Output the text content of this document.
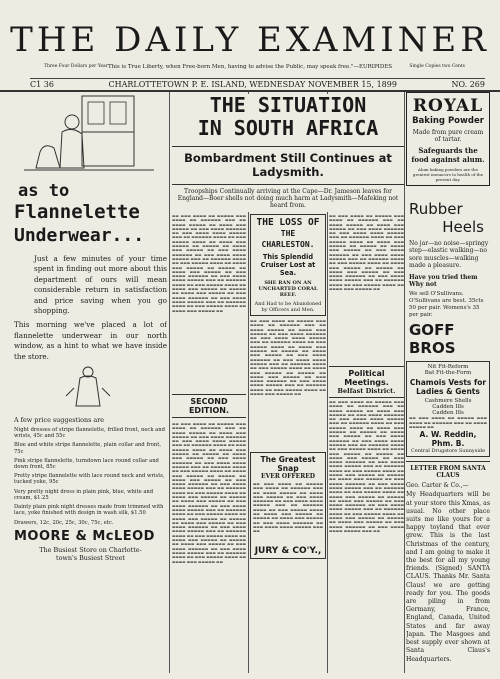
THE DAILY EXAMINER
Three Four Dollars per Year This is True Liberty, when Free-born Men, having to advise the Public, may speak free."—EURIPIDES	Single Copies two Cents
C1 36	CHARLOTTETOWN P. E. ISLAND, WEDNESDAY NOVEMBER 15, 1899	NO. 269
as to
Flannelette
Underwear...
Just a few minutes of your time spent in finding out more about this department of ours will mean considerable return in satisfaction and price saving when you go shopping.
This morning we've placed a lot of flannelette underwear in our north window, as a hint to what we have inside the store.
A few price suggestions are
Night dresses of stripe flannelette, frilled front, neck and wrists, 45c and 55c
Blue and white stripe flannelette, plain collar and front, 75c
Pink stripe flannelette, turndown lace round collar and down front, 85c
Pretty stripe flannelette with lace round neck and wrists, tucked yoke, 95c
Very pretty night dress in plain pink, blue, white and cream, $1.25
Dainty plain pink night dresses made from trimmed with lace, yoke finished with design in wash silk, $1.50
Drawers, 12c, 20c, 25c, 30c, 75c, etc.
MOORE & McLEOD
The Busiest Store on Charlotte-
town's Busiest Street
THE SITUATION
IN SOUTH AFRICA
Bombardment Still Continues at Ladysmith.
Troopships Continually arriving at the Cape—Dr. Jameson leaves for England—Boer shells not doing much harm at Ladysmith—Mafeking not heard from.
▬▬ ▬▬▬ ▬▬▬▬ ▬▬ ▬▬▬▬▬ ▬▬▬ ▬▬▬▬ ▬▬ ▬▬▬▬▬▬ ▬▬▬ ▬▬ ▬▬▬▬ ▬▬▬▬▬ ▬▬ ▬▬▬▬ ▬▬▬ ▬▬▬▬▬ ▬▬ ▬▬▬ ▬▬▬▬ ▬▬▬▬▬▬ ▬▬ ▬▬▬ ▬▬▬▬ ▬▬▬▬ ▬▬▬▬▬ ▬▬▬ ▬▬ ▬▬▬▬▬▬ ▬▬▬▬ ▬▬ ▬▬▬ ▬▬▬▬▬ ▬▬▬▬ ▬▬ ▬▬▬▬ ▬▬▬ ▬▬▬▬▬ ▬▬ ▬▬▬▬▬ ▬▬ ▬▬▬▬ ▬▬▬ ▬▬▬▬▬ ▬▬ ▬▬▬ ▬▬▬▬ ▬▬▬▬▬▬ ▬▬ ▬▬▬ ▬▬▬▬ ▬▬▬▬ ▬▬▬▬▬ ▬▬▬ ▬▬ ▬▬▬▬▬▬ ▬▬▬▬ ▬▬ ▬▬▬ ▬▬▬▬▬ ▬▬▬▬ ▬▬ ▬▬▬▬ ▬▬▬ ▬▬▬▬▬ ▬▬ ▬▬▬▬▬ ▬▬ ▬▬▬▬ ▬▬▬ ▬▬▬▬▬ ▬▬ ▬▬▬ ▬▬▬▬ ▬▬▬▬▬▬ ▬▬ ▬▬▬ ▬▬▬▬ ▬▬▬▬ ▬▬▬▬▬ ▬▬▬ ▬▬ ▬▬▬▬▬▬ ▬▬▬▬ ▬▬ ▬▬▬ ▬▬▬▬▬ ▬▬▬▬ ▬▬ ▬▬▬▬ ▬▬▬ ▬▬▬▬▬ ▬▬ ▬▬▬▬▬ ▬▬ ▬▬▬▬ ▬▬▬ ▬▬▬▬▬ ▬▬ ▬▬▬ ▬▬▬▬ ▬▬▬▬▬▬ ▬▬ ▬▬▬ ▬▬▬▬ ▬▬▬▬ ▬▬▬▬▬ ▬▬▬ ▬▬ ▬▬▬▬▬▬ ▬▬▬▬ ▬▬ ▬▬▬ ▬▬▬▬▬ ▬▬▬▬ ▬▬ ▬▬▬▬ ▬▬▬ ▬▬▬▬▬ ▬▬
SECOND EDITION.
▬▬ ▬▬▬ ▬▬▬▬ ▬▬ ▬▬▬▬▬ ▬▬▬ ▬▬▬▬ ▬▬ ▬▬▬▬▬▬ ▬▬▬ ▬▬ ▬▬▬▬ ▬▬▬▬▬ ▬▬ ▬▬▬▬ ▬▬▬ ▬▬▬▬▬ ▬▬ ▬▬▬ ▬▬▬▬ ▬▬▬▬▬▬ ▬▬ ▬▬▬ ▬▬▬▬ ▬▬▬▬ ▬▬▬▬▬ ▬▬▬ ▬▬ ▬▬▬▬▬▬ ▬▬▬▬ ▬▬ ▬▬▬ ▬▬▬▬▬ ▬▬▬▬ ▬▬ ▬▬▬▬ ▬▬▬ ▬▬▬▬▬ ▬▬ ▬▬▬▬▬ ▬▬ ▬▬▬▬ ▬▬▬ ▬▬▬▬▬ ▬▬ ▬▬▬ ▬▬▬▬ ▬▬▬▬▬▬ ▬▬ ▬▬▬ ▬▬▬▬ ▬▬▬▬ ▬▬▬▬▬ ▬▬▬ ▬▬ ▬▬▬▬▬▬ ▬▬▬▬ ▬▬ ▬▬▬ ▬▬▬▬▬ ▬▬▬▬ ▬▬ ▬▬▬▬ ▬▬▬ ▬▬▬▬▬ ▬▬ ▬▬▬▬▬ ▬▬ ▬▬▬▬ ▬▬▬ ▬▬▬▬▬ ▬▬ ▬▬▬ ▬▬▬▬ ▬▬▬▬▬▬ ▬▬ ▬▬▬ ▬▬▬▬ ▬▬▬▬ ▬▬▬▬▬ ▬▬▬ ▬▬ ▬▬▬▬▬▬ ▬▬▬▬ ▬▬ ▬▬▬ ▬▬▬▬▬ ▬▬▬▬ ▬▬ ▬▬▬▬ ▬▬▬ ▬▬▬▬▬ ▬▬ ▬▬▬▬▬ ▬▬ ▬▬▬▬ ▬▬▬ ▬▬▬▬▬ ▬▬ ▬▬▬ ▬▬▬▬ ▬▬▬▬▬▬ ▬▬ ▬▬▬ ▬▬▬▬ ▬▬▬▬ ▬▬▬▬▬ ▬▬▬ ▬▬ ▬▬▬▬▬▬ ▬▬▬▬ ▬▬ ▬▬▬ ▬▬▬▬▬ ▬▬▬▬ ▬▬ ▬▬▬▬ ▬▬▬ ▬▬▬▬▬ ▬▬ ▬▬▬▬▬ ▬▬ ▬▬▬▬ ▬▬▬ ▬▬▬▬▬ ▬▬ ▬▬▬ ▬▬▬▬ ▬▬▬▬▬▬ ▬▬ ▬▬▬ ▬▬▬▬ ▬▬▬▬ ▬▬▬▬▬ ▬▬▬ ▬▬ ▬▬▬▬▬▬ ▬▬▬▬ ▬▬ ▬▬▬ ▬▬▬▬▬ ▬▬▬▬ ▬▬ ▬▬▬▬ ▬▬▬ ▬▬▬▬▬ ▬▬ ▬▬▬▬▬ ▬▬ ▬▬▬▬ ▬▬▬ ▬▬▬▬▬ ▬▬ ▬▬▬ ▬▬▬▬ ▬▬▬▬▬▬ ▬▬ ▬▬▬ ▬▬▬▬ ▬▬▬▬ ▬▬▬▬▬ ▬▬▬ ▬▬ ▬▬▬▬▬▬ ▬▬▬▬ ▬▬ ▬▬▬ ▬▬▬▬▬ ▬▬▬▬ ▬▬ ▬▬▬▬ ▬▬▬ ▬▬▬▬▬ ▬▬
THE LOSS OF
THE CHARLESTON.
This Splendid Cruiser Lost at Sea.
SHE RAN ON AN UNCHARTED CORAL REEF.
And Had to be Abandoned by Officers and Men.
▬▬ ▬▬▬ ▬▬▬▬ ▬▬ ▬▬▬▬▬ ▬▬▬ ▬▬▬▬ ▬▬ ▬▬▬▬▬▬ ▬▬▬ ▬▬ ▬▬▬▬ ▬▬▬▬▬ ▬▬ ▬▬▬▬ ▬▬▬ ▬▬▬▬▬ ▬▬ ▬▬▬ ▬▬▬▬ ▬▬▬▬▬▬ ▬▬ ▬▬▬ ▬▬▬▬ ▬▬▬▬ ▬▬▬▬▬ ▬▬▬ ▬▬ ▬▬▬▬▬▬ ▬▬▬▬ ▬▬ ▬▬▬ ▬▬▬▬▬ ▬▬▬▬ ▬▬ ▬▬▬▬ ▬▬▬ ▬▬▬▬▬ ▬▬ ▬▬▬▬▬ ▬▬ ▬▬▬▬ ▬▬▬ ▬▬▬▬▬ ▬▬ ▬▬▬ ▬▬▬▬ ▬▬▬▬▬▬ ▬▬ ▬▬▬ ▬▬▬▬ ▬▬▬▬ ▬▬▬▬▬ ▬▬▬ ▬▬ ▬▬▬▬▬▬ ▬▬▬▬ ▬▬ ▬▬▬ ▬▬▬▬▬ ▬▬▬▬ ▬▬ ▬▬▬▬ ▬▬▬ ▬▬▬▬▬ ▬▬ ▬▬▬▬▬ ▬▬ ▬▬▬▬ ▬▬▬ ▬▬▬▬▬ ▬▬ ▬▬▬ ▬▬▬▬ ▬▬▬▬▬▬ ▬▬ ▬▬▬ ▬▬▬▬ ▬▬▬▬ ▬▬▬▬▬ ▬▬▬ ▬▬ ▬▬▬▬▬▬ ▬▬▬▬ ▬▬ ▬▬▬ ▬▬▬▬▬ ▬▬▬▬ ▬▬ ▬▬▬▬ ▬▬▬ ▬▬▬▬▬ ▬▬
The Greatest Snap
EVER OFFERED
▬▬ ▬▬▬ ▬▬▬▬ ▬▬ ▬▬▬▬▬ ▬▬▬ ▬▬▬▬ ▬▬ ▬▬▬▬▬▬ ▬▬▬ ▬▬ ▬▬▬▬ ▬▬▬▬▬ ▬▬ ▬▬▬▬ ▬▬▬ ▬▬▬▬▬ ▬▬ ▬▬▬ ▬▬▬▬ ▬▬▬▬▬▬ ▬▬ ▬▬▬ ▬▬▬▬ ▬▬▬▬ ▬▬▬▬▬ ▬▬▬ ▬▬ ▬▬▬▬▬▬ ▬▬▬▬ ▬▬ ▬▬▬ ▬▬▬▬▬ ▬▬▬▬ ▬▬ ▬▬▬▬ ▬▬▬ ▬▬▬▬▬ ▬▬ ▬▬▬▬▬ ▬▬ ▬▬▬▬ ▬▬▬ ▬▬▬▬▬ ▬▬ ▬▬▬ ▬▬▬▬ ▬▬▬▬▬▬ ▬▬ ▬▬▬ ▬▬▬▬ ▬▬▬▬ ▬▬▬▬▬ ▬▬▬ ▬▬
JURY & CO'Y.,
▬▬ ▬▬▬ ▬▬▬▬ ▬▬ ▬▬▬▬▬ ▬▬▬ ▬▬▬▬ ▬▬ ▬▬▬▬▬▬ ▬▬▬ ▬▬ ▬▬▬▬ ▬▬▬▬▬ ▬▬ ▬▬▬▬ ▬▬▬ ▬▬▬▬▬ ▬▬ ▬▬▬ ▬▬▬▬ ▬▬▬▬▬▬ ▬▬ ▬▬▬ ▬▬▬▬ ▬▬▬▬ ▬▬▬▬▬ ▬▬▬ ▬▬ ▬▬▬▬▬▬ ▬▬▬▬ ▬▬ ▬▬▬ ▬▬▬▬▬ ▬▬▬▬ ▬▬ ▬▬▬▬ ▬▬▬ ▬▬▬▬▬ ▬▬ ▬▬▬▬▬ ▬▬ ▬▬▬▬ ▬▬▬ ▬▬▬▬▬ ▬▬ ▬▬▬ ▬▬▬▬ ▬▬▬▬▬▬ ▬▬ ▬▬▬ ▬▬▬▬ ▬▬▬▬ ▬▬▬▬▬ ▬▬▬ ▬▬ ▬▬▬▬▬▬ ▬▬▬▬ ▬▬ ▬▬▬ ▬▬▬▬▬ ▬▬▬▬ ▬▬ ▬▬▬▬ ▬▬▬ ▬▬▬▬▬ ▬▬ ▬▬▬▬▬ ▬▬ ▬▬▬▬ ▬▬▬ ▬▬▬▬▬ ▬▬ ▬▬▬ ▬▬▬▬ ▬▬▬▬▬▬ ▬▬ ▬▬▬ ▬▬▬▬ ▬▬▬▬ ▬▬▬▬▬ ▬▬▬ ▬▬ ▬▬▬▬▬▬ ▬▬▬▬ ▬▬ ▬▬▬ ▬▬▬▬▬ ▬▬▬▬ ▬▬ ▬▬▬▬ ▬▬▬ ▬▬▬▬▬ ▬▬
Political Meetings.
Belfast District.
▬▬ ▬▬▬ ▬▬▬▬ ▬▬ ▬▬▬▬▬ ▬▬▬ ▬▬▬▬ ▬▬ ▬▬▬▬▬▬ ▬▬▬ ▬▬ ▬▬▬▬ ▬▬▬▬▬ ▬▬ ▬▬▬▬ ▬▬▬ ▬▬▬▬▬ ▬▬ ▬▬▬ ▬▬▬▬ ▬▬▬▬▬▬ ▬▬ ▬▬▬ ▬▬▬▬ ▬▬▬▬ ▬▬▬▬▬ ▬▬▬ ▬▬ ▬▬▬▬▬▬ ▬▬▬▬ ▬▬ ▬▬▬ ▬▬▬▬▬ ▬▬▬▬ ▬▬ ▬▬▬▬ ▬▬▬ ▬▬▬▬▬ ▬▬ ▬▬▬▬▬ ▬▬ ▬▬▬▬ ▬▬▬ ▬▬▬▬▬ ▬▬ ▬▬▬ ▬▬▬▬ ▬▬▬▬▬▬ ▬▬ ▬▬▬ ▬▬▬▬ ▬▬▬▬ ▬▬▬▬▬ ▬▬▬ ▬▬ ▬▬▬▬▬▬ ▬▬▬▬ ▬▬ ▬▬▬ ▬▬▬▬▬ ▬▬▬▬ ▬▬ ▬▬▬▬ ▬▬▬ ▬▬▬▬▬ ▬▬ ▬▬▬▬▬ ▬▬ ▬▬▬▬ ▬▬▬ ▬▬▬▬▬ ▬▬ ▬▬▬ ▬▬▬▬ ▬▬▬▬▬▬ ▬▬ ▬▬▬ ▬▬▬▬ ▬▬▬▬ ▬▬▬▬▬ ▬▬▬ ▬▬ ▬▬▬▬▬▬ ▬▬▬▬ ▬▬ ▬▬▬ ▬▬▬▬▬ ▬▬▬▬ ▬▬ ▬▬▬▬ ▬▬▬ ▬▬▬▬▬ ▬▬ ▬▬▬▬▬ ▬▬ ▬▬▬▬ ▬▬▬ ▬▬▬▬▬ ▬▬ ▬▬▬ ▬▬▬▬ ▬▬▬▬▬▬ ▬▬ ▬▬▬ ▬▬▬▬ ▬▬▬▬ ▬▬▬▬▬ ▬▬▬ ▬▬ ▬▬▬▬▬▬ ▬▬▬▬ ▬▬ ▬▬▬ ▬▬▬▬▬ ▬▬▬▬ ▬▬ ▬▬▬▬ ▬▬▬ ▬▬▬▬▬ ▬▬ ▬▬▬▬▬ ▬▬ ▬▬▬▬ ▬▬▬ ▬▬▬▬▬ ▬▬ ▬▬▬ ▬▬▬▬ ▬▬▬▬▬▬ ▬▬ ▬▬▬ ▬▬▬▬ ▬▬▬▬ ▬▬▬▬▬ ▬▬▬ ▬▬ ▬▬▬▬▬▬ ▬▬▬▬ ▬▬ ▬▬▬ ▬▬▬▬▬ ▬▬▬▬ ▬▬ ▬▬▬▬ ▬▬▬ ▬▬▬▬▬ ▬▬ ▬▬▬▬▬ ▬▬ ▬▬▬▬ ▬▬▬ ▬▬▬▬▬ ▬▬ ▬▬▬ ▬▬▬▬ ▬▬▬▬▬▬ ▬▬ ▬▬▬ ▬▬▬▬ ▬▬▬▬ ▬▬▬▬▬ ▬▬▬ ▬▬
ROYAL
Baking Powder
Made from pure cream of tartar.
Safeguards the food against alum.
Alum baking powders are the greatest menacers to health of the present day.
Rubber
Heels
No jar—no noise—springy step—elastic walking—no sore muscles—walking made a pleasure.
Have you tried them Why not
We sell O'Sullivans. O'Sullivans are best. 35cts 50 per pair. Womens's 35 per pair.
GOFF BROS
Nit Fit-Reform
Bat Fit-the-Form
Chamois Vests for Ladies & Gents
Cashmere Shells
Cadden Ills
Cadden Ills
▬▬ ▬▬▬ ▬▬▬▬ ▬▬ ▬▬▬▬▬ ▬▬▬ ▬▬▬▬ ▬▬ ▬▬▬▬▬▬ ▬▬▬ ▬▬ ▬▬▬▬ ▬▬▬▬▬ ▬▬
A. W. Reddin, Phm. B.
Central Drugstore Sunnyside
LETTER FROM SANTA CLAUS
Geo. Carter & Co.,—
My Headquarters will be at your store this Xmas, as usual. No other place suits me like yours for a happy toyland that ever grew. This is the last Christmas of the century, and I am going to make it the best for all my young friends. (Signed) SANTA CLAUS. Thanks Mr. Santa Claus! we are getting ready for you. The goods are piling in from Germany, France, England, Canada, United States and far away Japan. The Masgoes and best supply ever shown at Santa Claus's Headquarters.
